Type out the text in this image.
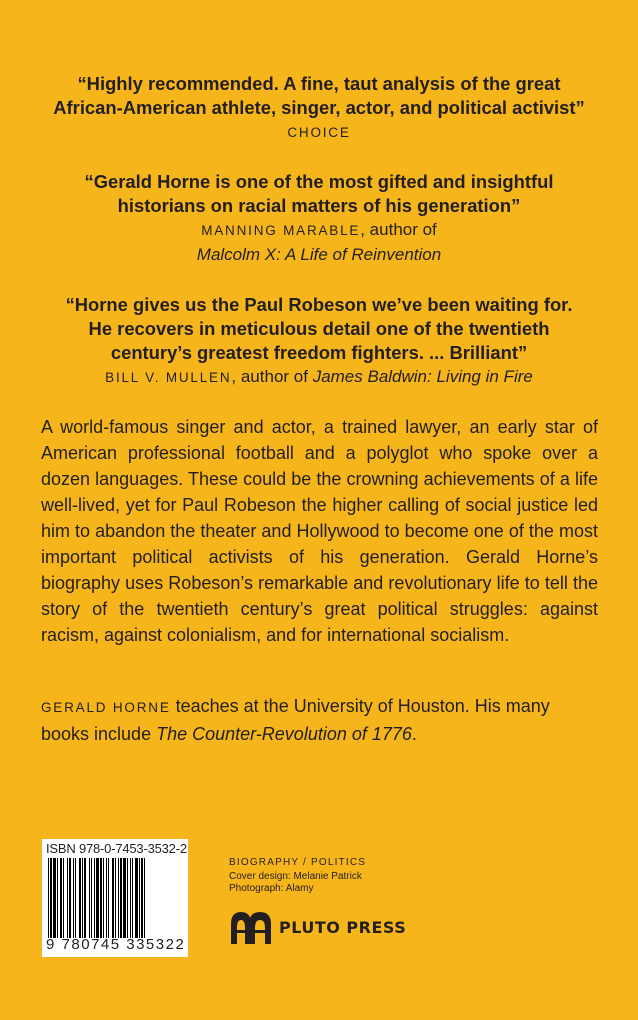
“Highly recommended. A fine, taut analysis of the great
African-American athlete, singer, actor, and political activist”

CHOICE

“Gerald Horne is one of the most gifted and insightful
historians on racial matters of his generation”

MANNING MARABLE, author of
Malcolm X: A Life of Reinvention

“Horne gives us the Paul Robeson we’ve been waiting for.
He recovers in meticulous detail one of the twentieth
century’s greatest freedom fighters. ... Brilliant”

BILL V. MULLEN, author of James Baldwin: Living in Fire

A world-famous singer and actor, a trained lawyer, an early star of American professional football and a polyglot who spoke over a dozen languages. These could be the crowning achievements of a life well-lived, yet for Paul Robeson the higher calling of social justice led him to abandon the theater and Hollywood to become one of the most important political activists of his generation. Gerald Horne’s biography uses Robeson’s remarkable and revolutionary life to tell the story of the twentieth century’s great political struggles: against racism, against colonialism, and for international socialism.

GERALD HORNE teaches at the University of Houston. His many books include The Counter-Revolution of 1776.

ISBN 978-0-7453-3532-2
9 780745 335322
BIOGRAPHY / POLITICS
Cover design: Melanie Patrick
Photograph: Alamy
PLUTO PRESS
